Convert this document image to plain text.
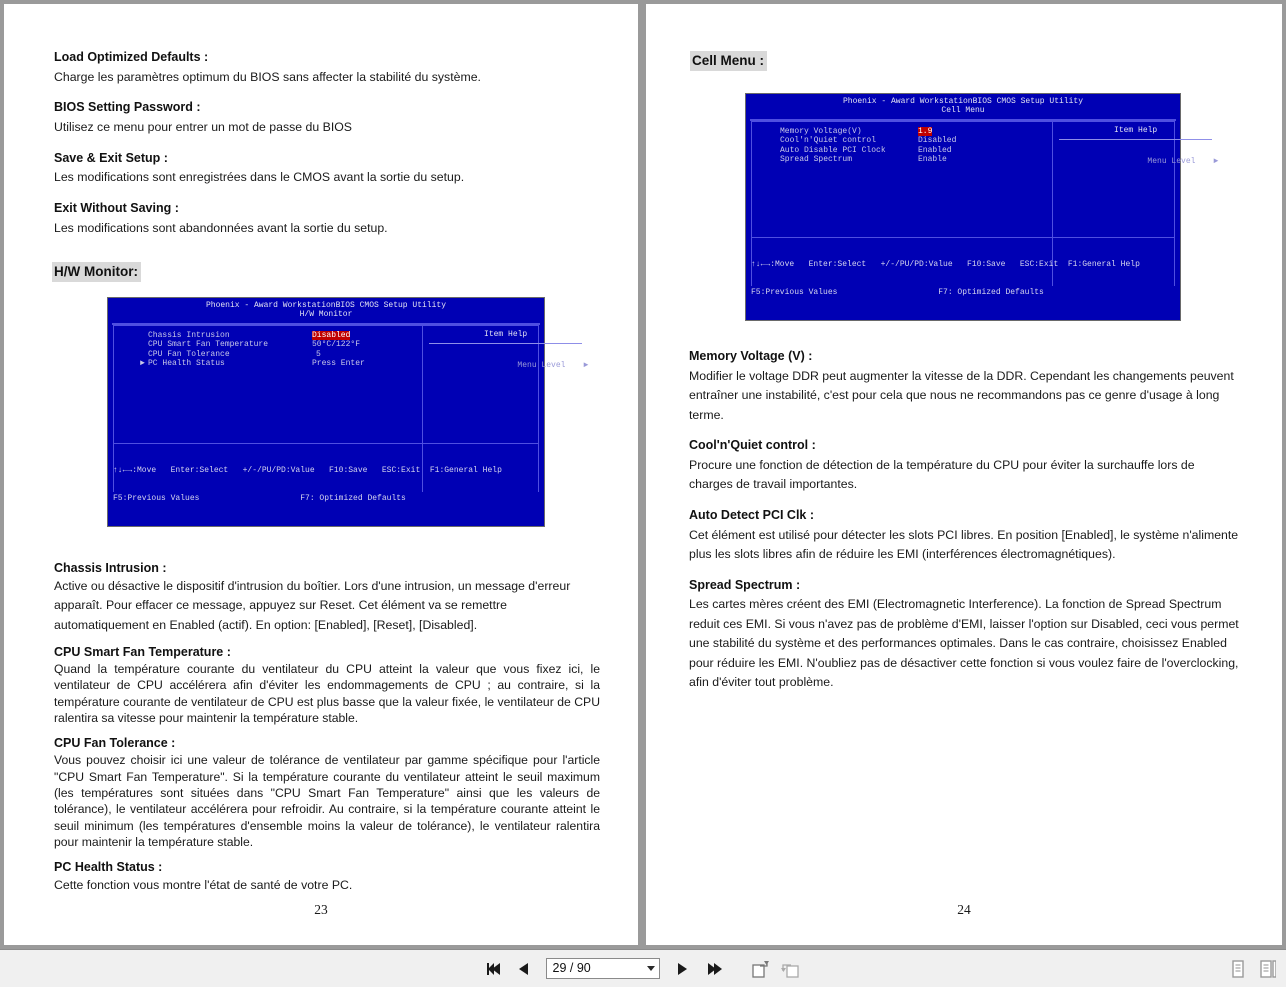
Load Optimized Defaults :
Charge les paramètres optimum du BIOS sans affecter la stabilité du système.
BIOS Setting Password :
Utilisez ce menu pour entrer un mot de passe du BIOS
Save & Exit Setup :
Les modifications sont enregistrées dans le CMOS avant la sortie du setup.
Exit Without Saving :
Les modifications sont abandonnées avant la sortie du setup.
H/W Monitor:
Phoenix - Award WorkstationBIOS CMOS Setup Utility
H/W Monitor
Chassis Intrusion	Disabled
CPU Smart Fan Temperature	50°C/122°F
CPU Fan Tolerance	5
► PC Health Status	Press Enter
Item Help

Menu Level ►

↑↓←→:Move   Enter:Select   +/-/PU/PD:Value   F10:Save   ESC:Exit  F1:General Help

F5:Previous Values                     F7: Optimized Defaults

Chassis Intrusion :
Active ou désactive le dispositif d'intrusion du boîtier. Lors d'une intrusion, un message d'erreur apparaît. Pour effacer ce message, appuyez sur Reset. Cet élément va se remettre automatiquement en Enabled (actif). En option: [Enabled], [Reset], [Disabled].
CPU Smart Fan Temperature :
Quand la température courante du ventilateur du CPU atteint la valeur que vous fixez ici, le ventilateur de CPU accélérera afin d'éviter les endommagements de CPU ; au contraire, si la température courante de ventilateur de CPU est plus basse que la valeur fixée, le ventilateur de CPU ralentira sa vitesse pour maintenir la température stable.
CPU Fan Tolerance :
Vous pouvez choisir ici une valeur de tolérance de ventilateur par gamme spécifique pour l'article "CPU Smart Fan Temperature". Si la température courante du ventilateur atteint le seuil maximum (les températures sont situées dans "CPU Smart Fan Temperature" ainsi que les valeurs de tolérance), le ventilateur accélérera pour refroidir. Au contraire, si la température courante atteint le seuil minimum (les températures d'ensemble moins la valeur de tolérance), le ventilateur ralentira pour maintenir la température stable.
PC Health Status :
Cette fonction vous montre l'état de santé de votre PC.
23
Cell Menu :
Phoenix - Award WorkstationBIOS CMOS Setup Utility
Cell Menu
Memory Voltage(V)	1.9
Cool'n'Quiet control	Disabled
Auto Disable PCI Clock	Enabled
Spread Spectrum	Enable
Item Help

Menu Level ►

↑↓←→:Move   Enter:Select   +/-/PU/PD:Value   F10:Save   ESC:Exit  F1:General Help

F5:Previous Values                     F7: Optimized Defaults

Memory Voltage (V) :
Modifier le voltage DDR peut augmenter la vitesse de la DDR. Cependant les changements peuvent entraîner une instabilité, c'est pour cela que nous ne recommandons pas ce genre d'usage à long terme.
Cool'n'Quiet control :
Procure une fonction de détection de la température du CPU pour éviter la surchauffe lors de charges de travail importantes.
Auto Detect PCI Clk :
Cet élément est utilisé pour détecter les slots PCI libres. En position [Enabled], le système n'alimente plus les slots libres afin de réduire les EMI (interférences électromagnétiques).
Spread Spectrum :
Les cartes mères créent des EMI (Electromagnetic Interference). La fonction de Spread Spectrum reduit ces EMI. Si vous n'avez pas de problème d'EMI, laisser l'option sur Disabled, ceci vous permet une stabilité du système et des performances optimales. Dans le cas contraire, choisissez Enabled pour réduire les EMI. N'oubliez pas de désactiver cette fonction si vous voulez faire de l'overclocking, afin d'éviter tout problème.
24
29 / 90
